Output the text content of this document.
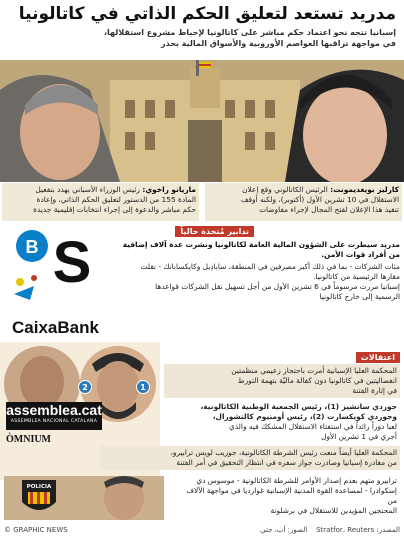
مدريد تستعد لتعليق الحكم الذاتي في كاتالونيا
إسبانيا تتجه نحو اعتماد حكم مباشر على كاتالونيا لإحباط مشروع استقلالها،
في مواجهة تراقبها العواصم الأوروبية والأسواق المالية بحذر
ماريانو راخوي: رئيس الوزراء الأسباني يهدد بتفعيل
المادة 155 من الدستور لتعليق الحكم الذاتي، وإعادة
حكم مباشر والدعوة إلى إجراء انتخابات إقليمية جديدة
كارليز بويغديمونت: الرئيس الكاتالوني وقع إعلان
الاستقلال في 10 تشرين الأول (أكتوبر)، ولكنه أوقف
تنفيذ هذا الإعلان لفتح المجال لإجراء مفاوضات
تدابير مُتخذة حالياً
مدريد سيطرت على الشؤون المالية العامة لكاتالونيا ونشرت عدة آلاف إضافية
من أفراد قوات الأمن.
مئات الشركات - بما في ذلك أكبر مصرفين في المنطقة، سابادِيل وكايكسابانك - نقلت
مقارها الرئيسية من كاتالونيا.
إسبانيا مررت مرسوماً في 6 تشرين الأول من أجل تسهيل نقل الشركات قواعدها
الرسمية إلى خارج كاتالونيا
B S
CaixaBank
اعتقالات
1
2
assemblea.cat
ASSEMBLEA NACIONAL CATALANA
ÒMNIUM
المحكمة العليا الإسبانية أمرت باحتجاز زعيمي منظمتين
انفصاليتين في كاتالونيا دون كفالة ماليّة بتهمة التورط
في إثارة الفتنة
جوردي سانشيز (1)، رئيس الجمعية الوطنية الكاتالونية،
وجوردي كويكسارت (2)، رئيس أومنيوم كالتشورال،
لعبا دوراً رائداً في استفتاء الاستقلال المشكك فيه والذي
أجري في 1 تشرين الأول
المحكمة العليا أيضاً منعت رئيس الشرطة الكاتالونية، جوزيب لويس ترابيرو،
من مغادرة إسبانيا وصادرت جواز سفره في انتظار التحقيق في أمر الفتنة
ترابيرو متهم بعدم إصدار الأوامر للشرطة الكاتالونية - موسوس دي
إسكوادرا - لمساعدة القوة المدنية الإسبانية غوارديا في مواجهة الآلاف من
المحتجين المؤيدين للاستقلال في برشلونة
POLICIA
© GRAPHIC NEWS	المصدر: Stratfor، Reuters    الصور: أب، جتي
